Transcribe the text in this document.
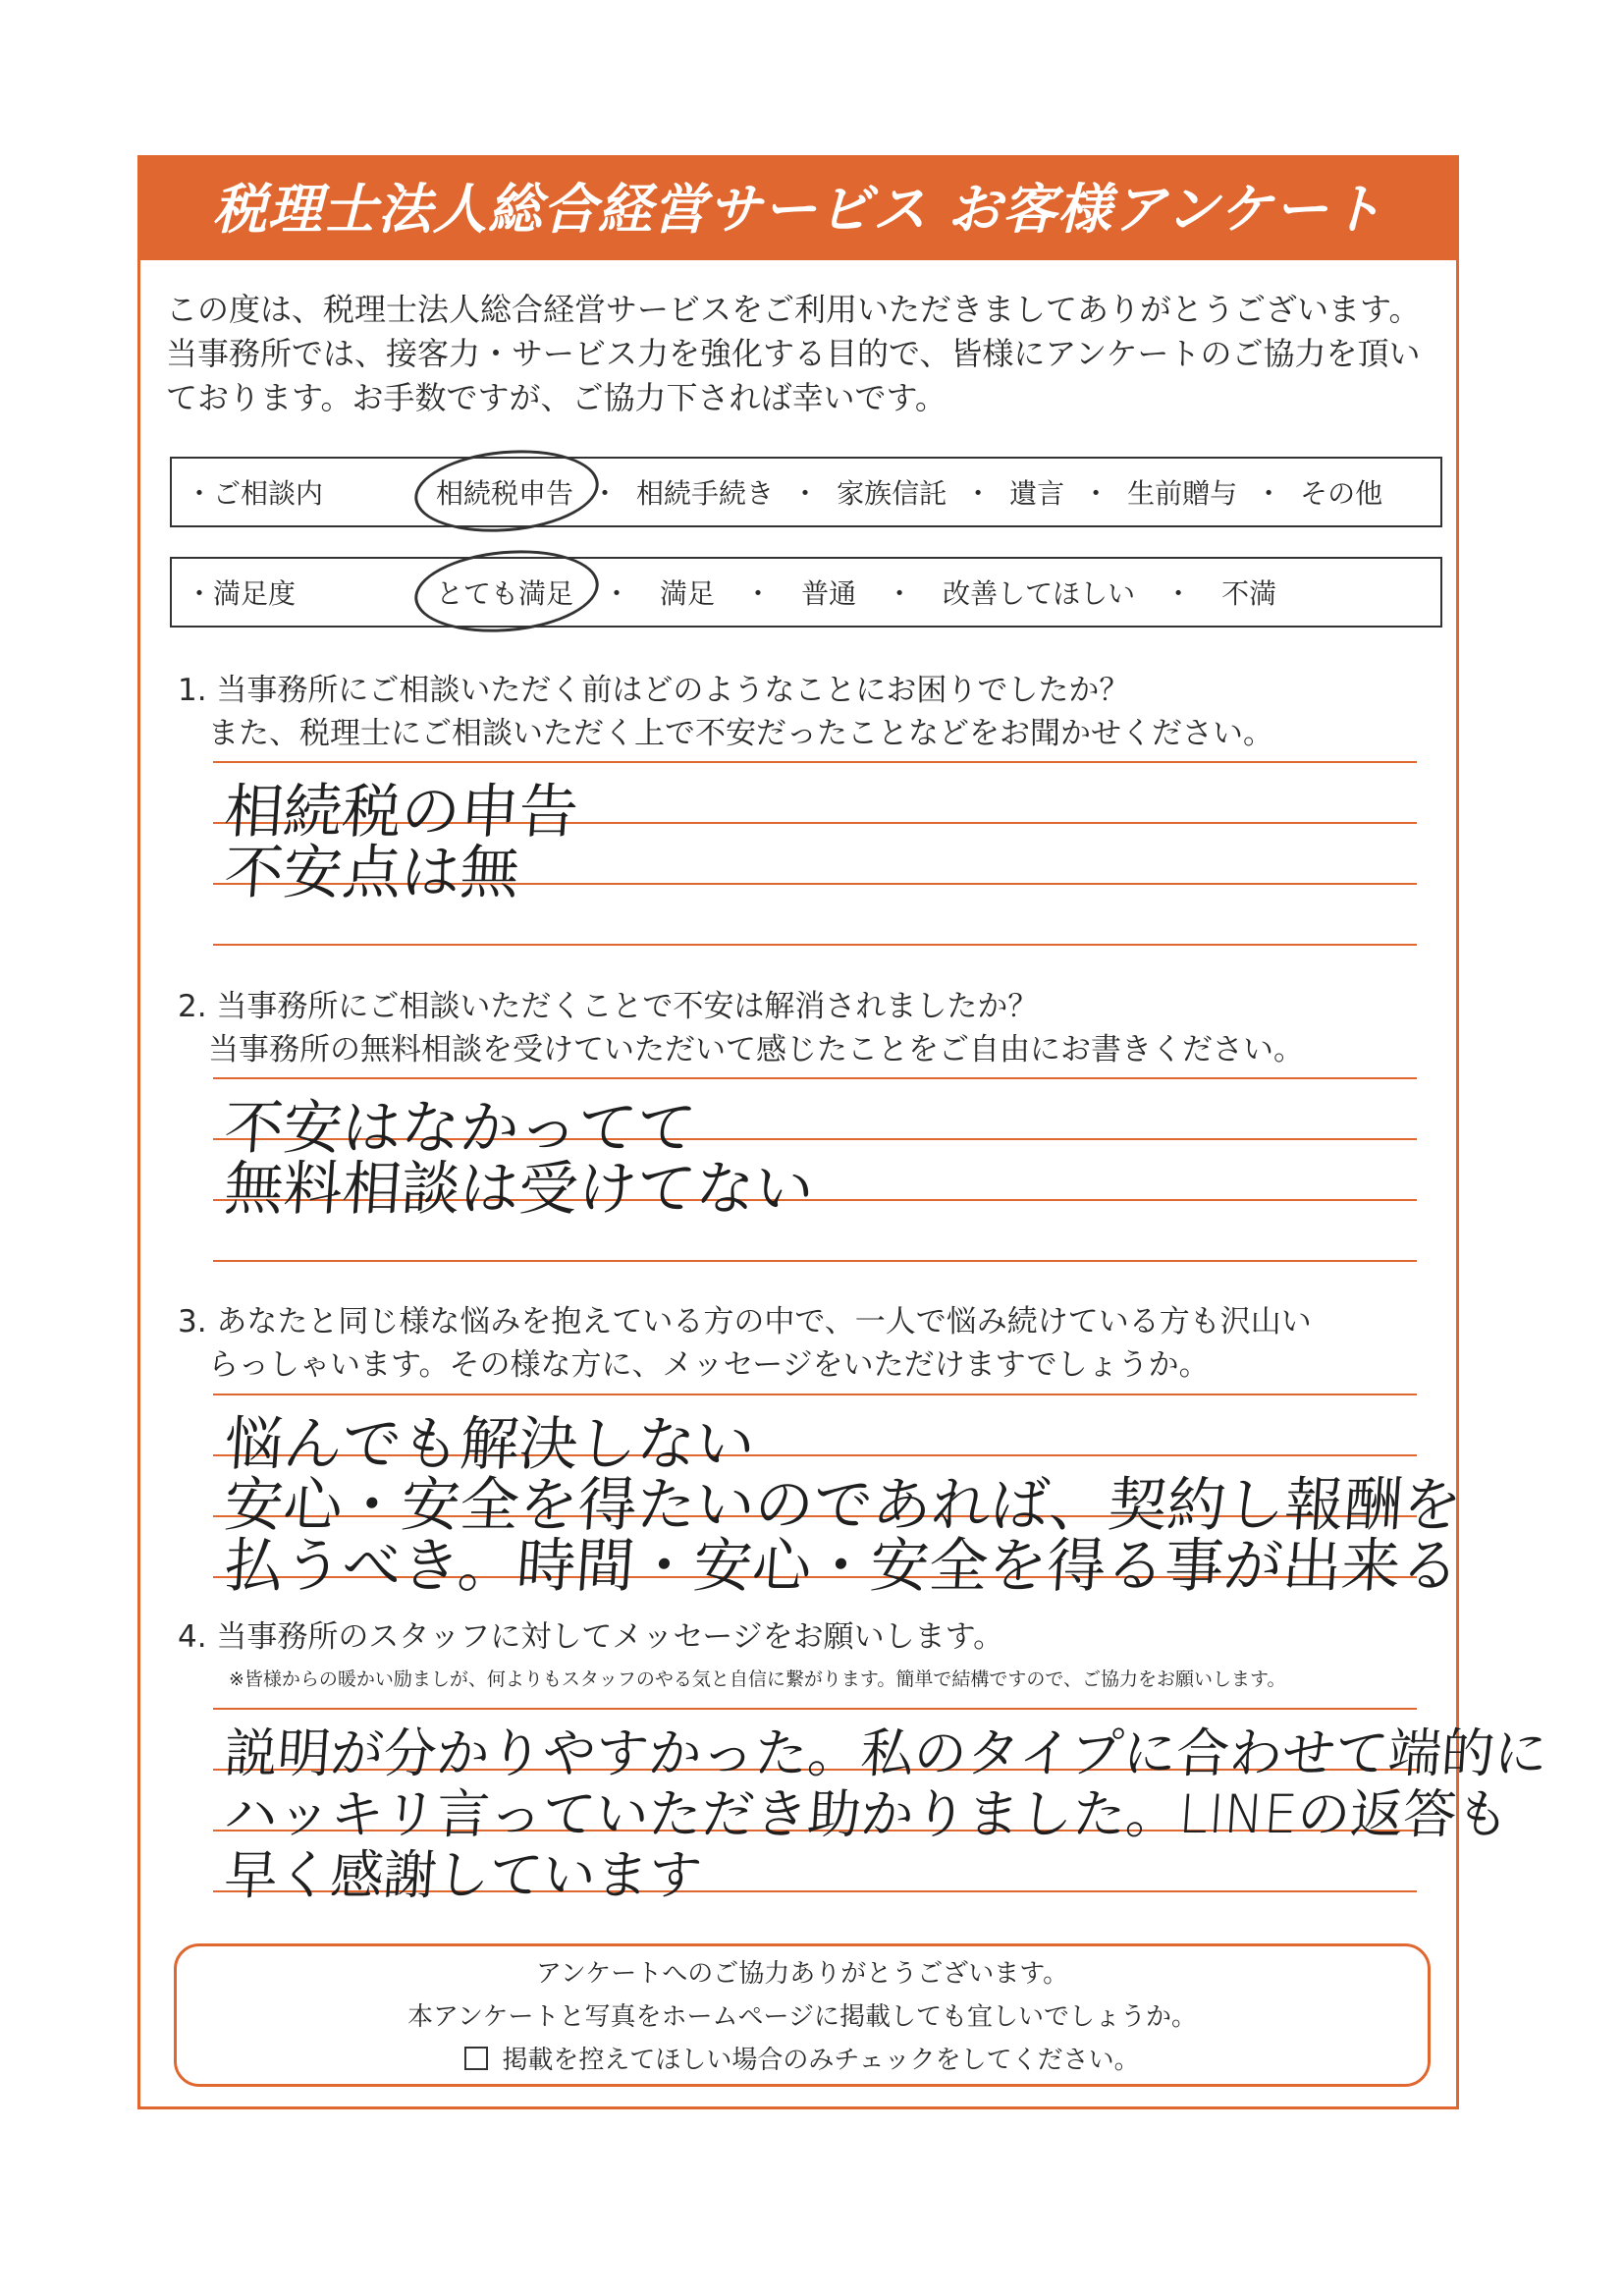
税理士法人総合経営サービス お客様アンケート
この度は、税理士法人総合経営サービスをご利用いただきましてありがとうございます。
当事務所では、接客力・サービス力を強化する目的で、皆様にアンケートのご協力を頂い
ております。お手数ですが、ご協力下されば幸いです。
・ご相談内	相続税申告 ・ 相続手続き ・ 家族信託 ・ 遺言 ・ 生前贈与 ・ その他
・満足度	とても満足 ・ 満足 ・ 普通 ・ 改善してほしい ・ 不満
1. 当事務所にご相談いただく前はどのようなことにお困りでしたか？
　また、税理士にご相談いただく上で不安だったことなどをお聞かせください。
相続税の申告
不安点は無
2. 当事務所にご相談いただくことで不安は解消されましたか？
　当事務所の無料相談を受けていただいて感じたことをご自由にお書きください。
不安はなかってて
無料相談は受けてない
3. あなたと同じ様な悩みを抱えている方の中で、一人で悩み続けている方も沢山い
　らっしゃいます。その様な方に、メッセージをいただけますでしょうか。
悩んでも解決しない
安心・安全を得たいのであれば、契約し報酬を
払うべき。時間・安心・安全を得る事が出来る
4. 当事務所のスタッフに対してメッセージをお願いします。
※皆様からの暖かい励ましが、何よりもスタッフのやる気と自信に繋がります。簡単で結構ですので、ご協力をお願いします。
説明が分かりやすかった。私のタイプに合わせて端的に
ハッキリ言っていただき助かりました。LINEの返答も
早く感謝しています
アンケートへのご協力ありがとうございます。
本アンケートと写真をホームページに掲載しても宜しいでしょうか。
掲載を控えてほしい場合のみチェックをしてください。
